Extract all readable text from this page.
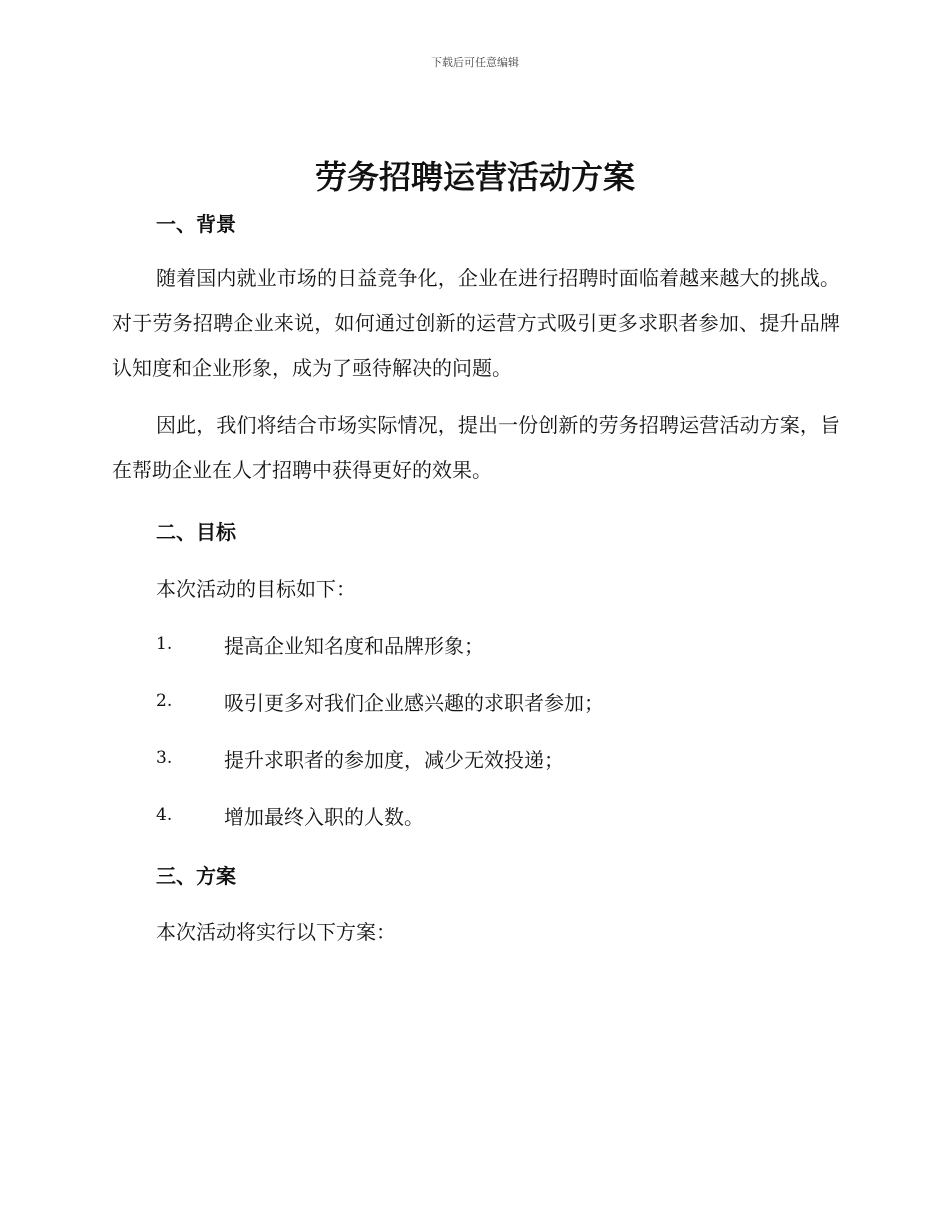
下载后可任意编辑
劳务招聘运营活动方案
一、背景
随着国内就业市场的日益竞争化，企业在进行招聘时面临着越来越大的挑战。对于劳务招聘企业来说，如何通过创新的运营方式吸引更多求职者参加、提升品牌认知度和企业形象，成为了亟待解决的问题。
因此，我们将结合市场实际情况，提出一份创新的劳务招聘运营活动方案，旨在帮助企业在人才招聘中获得更好的效果。
二、目标
本次活动的目标如下：
1.	提高企业知名度和品牌形象；
2.	吸引更多对我们企业感兴趣的求职者参加；
3.	提升求职者的参加度，减少无效投递；
4.	增加最终入职的人数。
三、方案
本次活动将实行以下方案：
